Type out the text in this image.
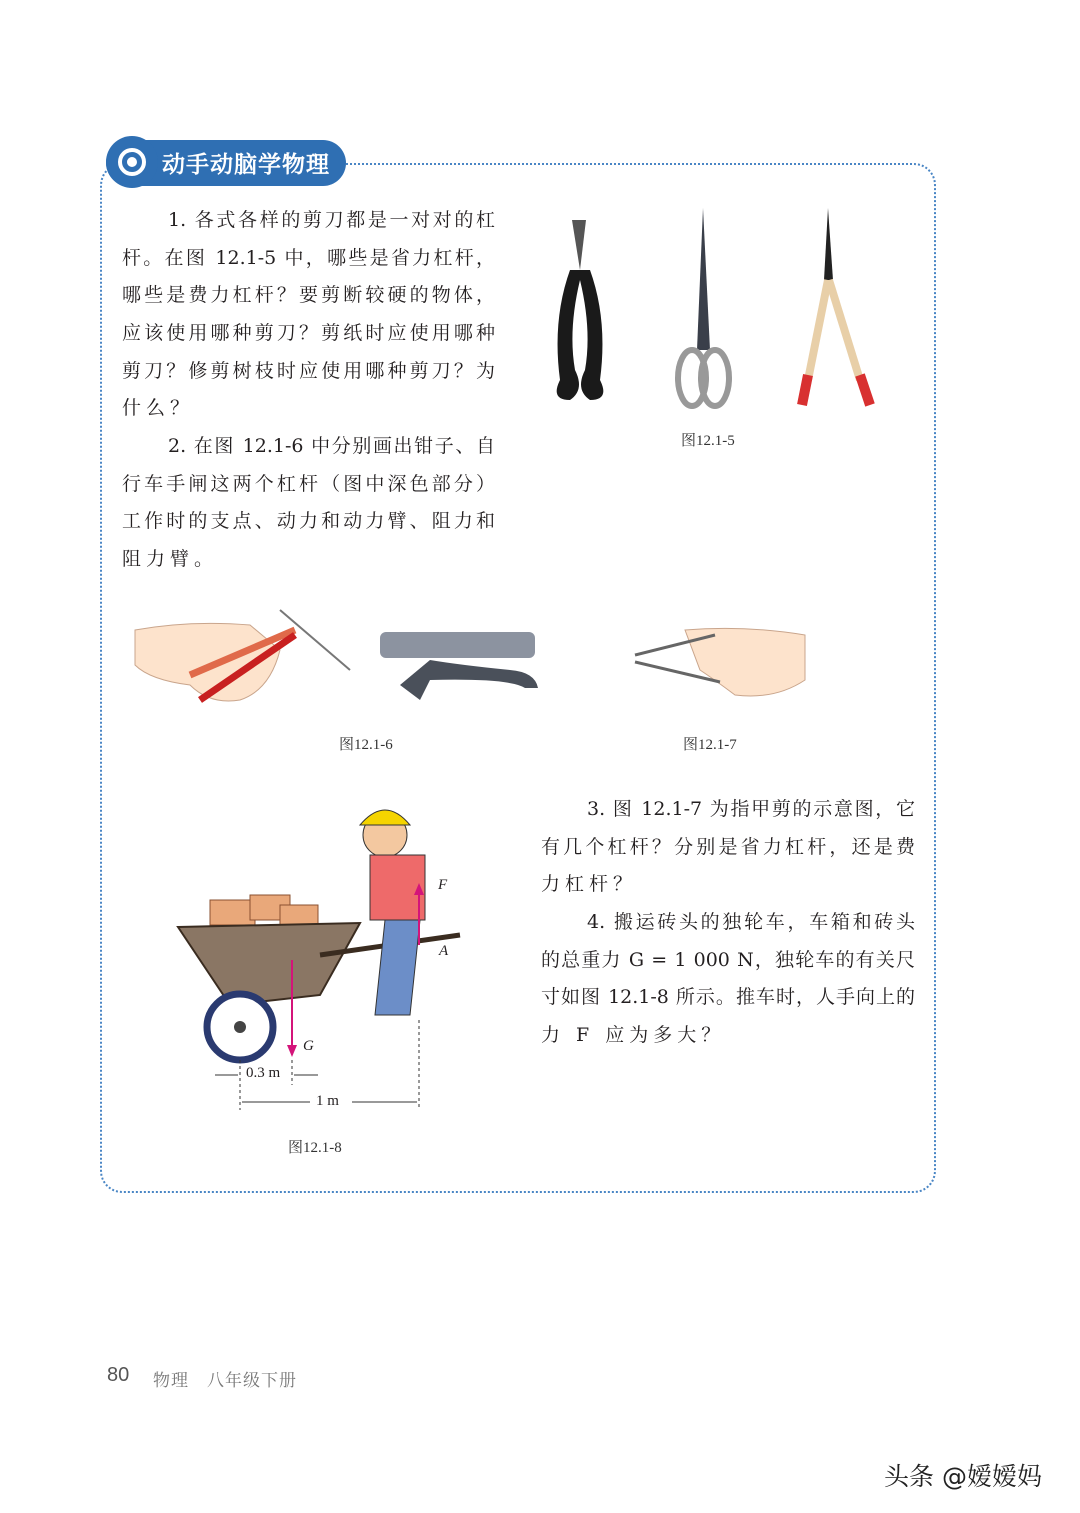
动手动脑学物理
1. 各式各样的剪刀都是一对对的杠
杆。在图 12.1-5 中，哪些是省力杠杆，
哪些是费力杠杆？要剪断较硬的物体，
应该使用哪种剪刀？剪纸时应使用哪种
剪刀？修剪树枝时应使用哪种剪刀？为
什么？
2. 在图 12.1-6 中分别画出钳子、自
行车手闸这两个杠杆（图中深色部分）
工作时的支点、动力和动力臂、阻力和
阻力臂。
图12.1-5
图12.1-6	图12.1-7
F
A
G
0.3 m
1 m
图12.1-8
3. 图 12.1-7 为指甲剪的示意图，它
有几个杠杆？分别是省力杠杆，还是费
力杠杆？
4. 搬运砖头的独轮车，车箱和砖头
的总重力 G = 1 000 N，独轮车的有关尺
寸如图 12.1-8 所示。推车时，人手向上的
力 F 应为多大？
80 物理　八年级下册
头条 @嫒嫒妈
